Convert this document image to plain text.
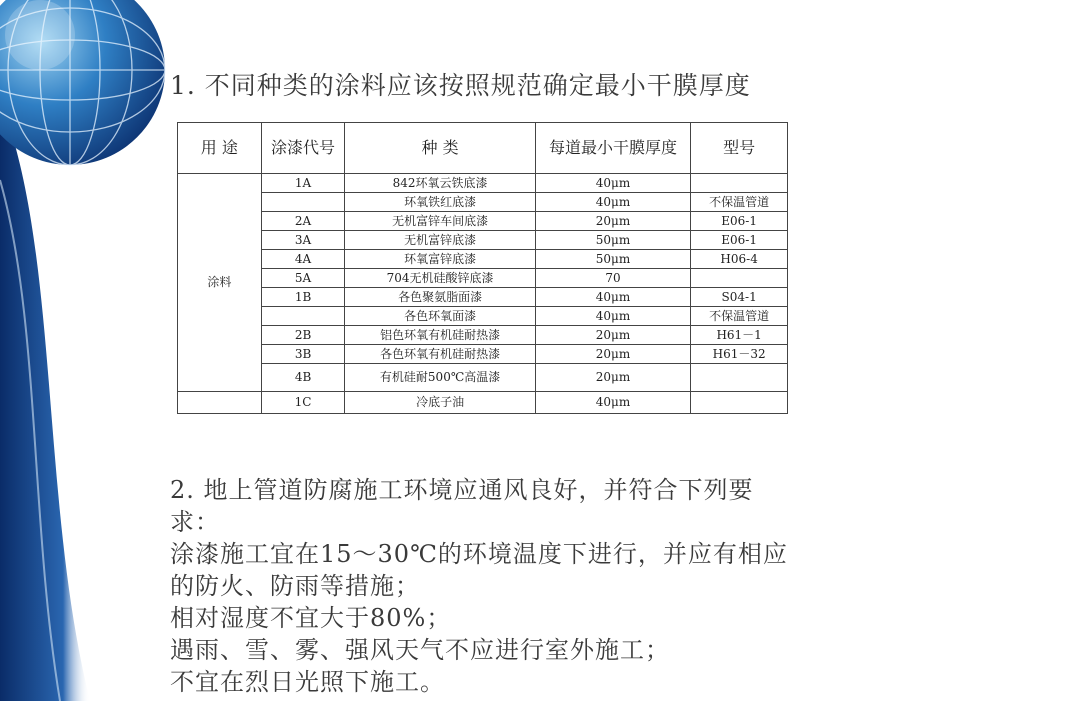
1. 不同种类的涂料应该按照规范确定最小干膜厚度
用 途	涂漆代号	种 类	每道最小干膜厚度	型号
涂料	1A	842环氧云铁底漆	40μm	
		环氧铁红底漆	40μm	不保温管道
	2A	无机富锌车间底漆	20μm	E06-1
	3A	无机富锌底漆	50μm	E06-1
	4A	环氧富锌底漆	50μm	H06-4
	5A	704无机硅酸锌底漆	70	
	1B	各色聚氨脂面漆	40μm	S04-1
		各色环氧面漆	40μm	不保温管道
	2B	铝色环氧有机硅耐热漆	20μm	H61－1
	3B	各色环氧有机硅耐热漆	20μm	H61－32
	4B	有机硅耐500℃高温漆	20μm	
	1C	冷底子油	40μm	
2. 地上管道防腐施工环境应通风良好，并符合下列要求：
涂漆施工宜在15～30℃的环境温度下进行，并应有相应的防火、防雨等措施；
相对湿度不宜大于80%；
遇雨、雪、雾、强风天气不应进行室外施工；
不宜在烈日光照下施工。
